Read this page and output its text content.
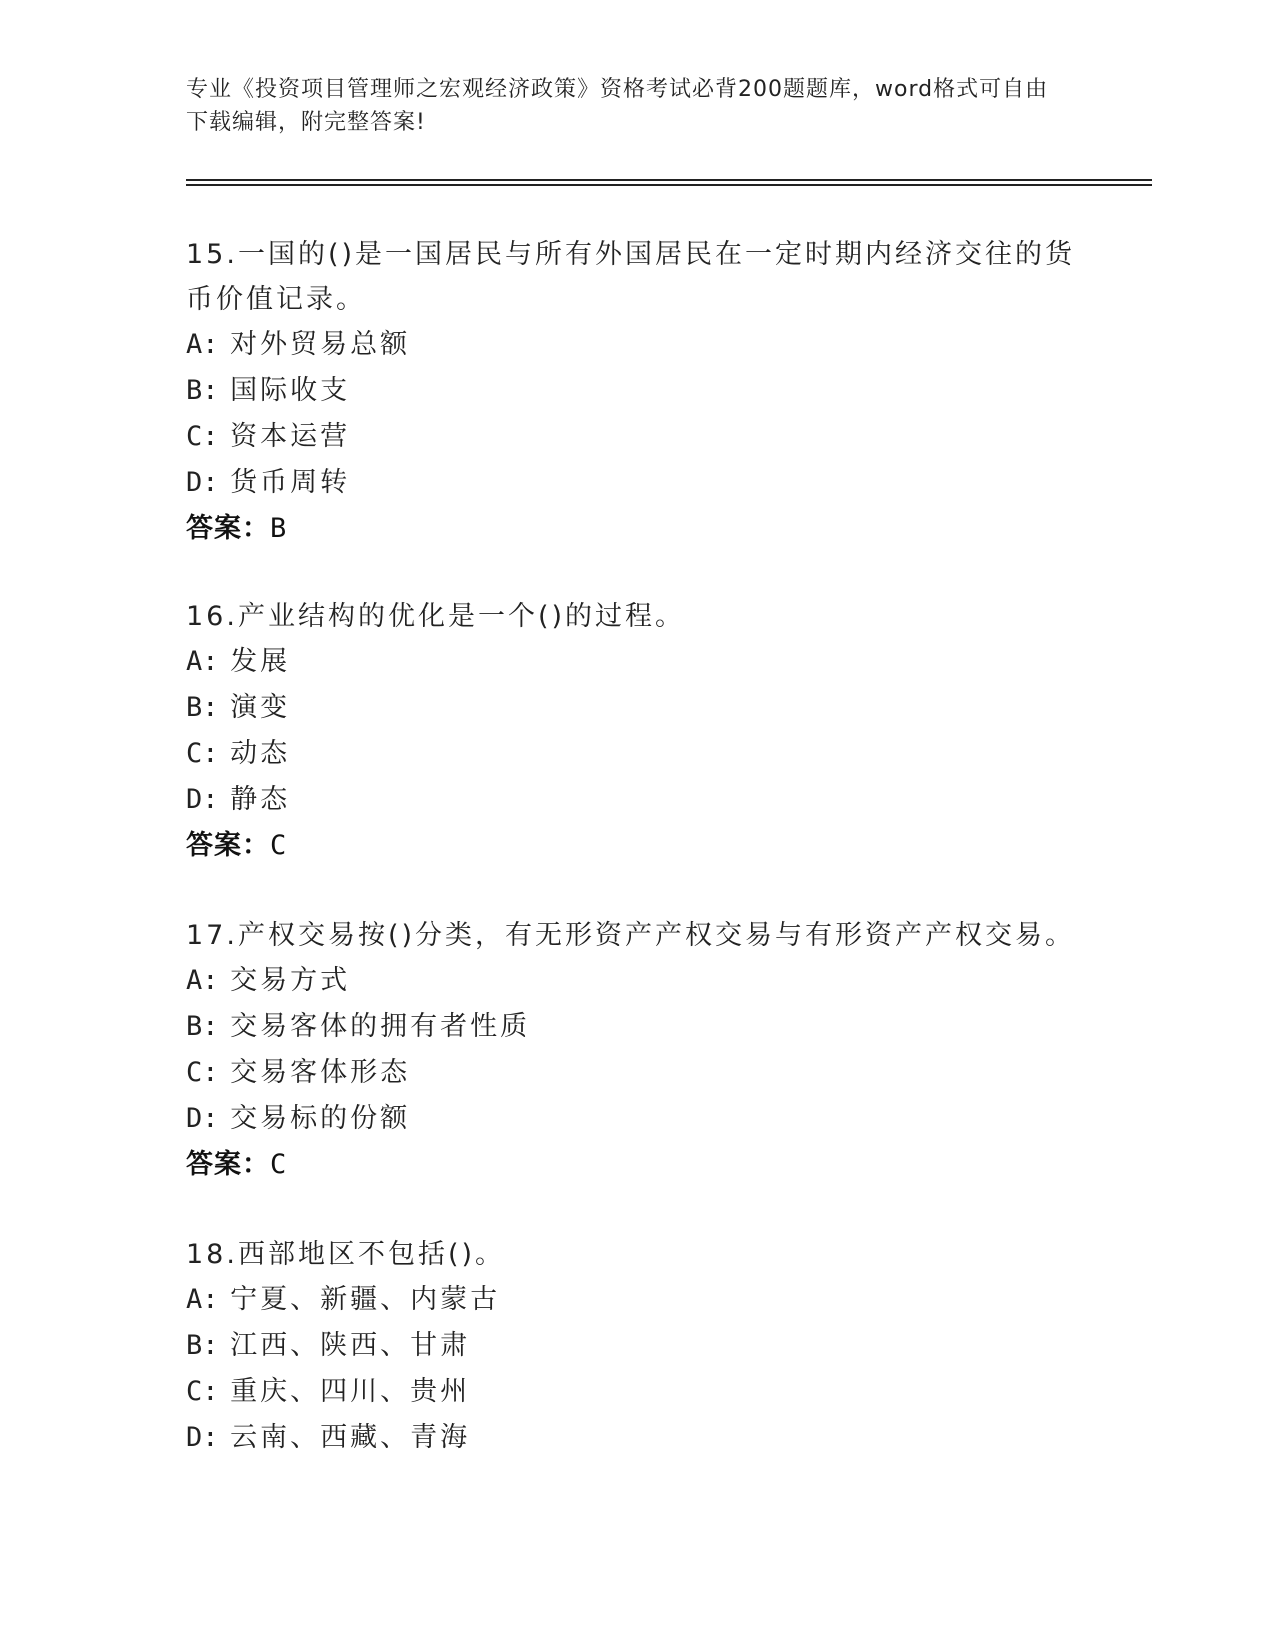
专业《投资项目管理师之宏观经济政策》资格考试必背200题题库，word格式可自由下载编辑，附完整答案!
15.一国的()是一国居民与所有外国居民在一定时期内经济交往的货币价值记录。
A: 对外贸易总额
B: 国际收支
C: 资本运营
D: 货币周转
答案：B
16.产业结构的优化是一个()的过程。
A: 发展
B: 演变
C: 动态
D: 静态
答案：C
17.产权交易按()分类，有无形资产产权交易与有形资产产权交易。
A: 交易方式
B: 交易客体的拥有者性质
C: 交易客体形态
D: 交易标的份额
答案：C
18.西部地区不包括()。
A: 宁夏、新疆、内蒙古
B: 江西、陕西、甘肃
C: 重庆、四川、贵州
D: 云南、西藏、青海
